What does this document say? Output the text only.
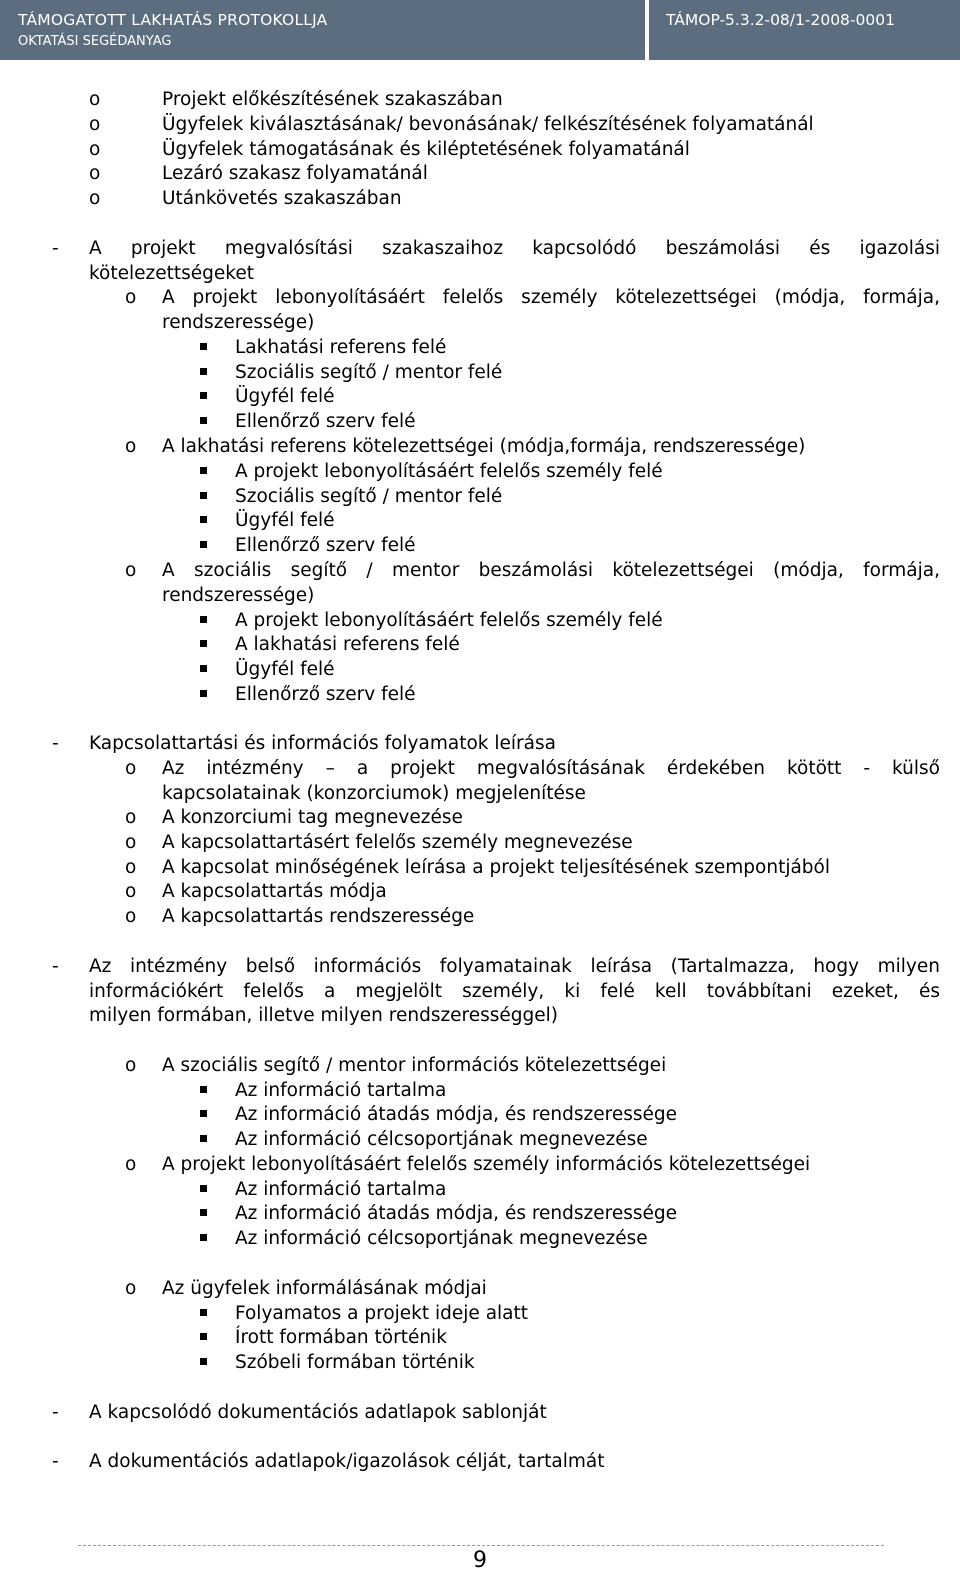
TÁMOGATOTT LAKHATÁS PROTOKOLLJA
OKTATÁSI SEGÉDANYAG
TÁMOP-5.3.2-08/1-2008-0001
o	Projekt előkészítésének szakaszában
o	Ügyfelek kiválasztásának/ bevonásának/ felkészítésének folyamatánál
o	Ügyfelek támogatásának és kiléptetésének folyamatánál
o	Lezáró szakasz folyamatánál
o	Utánkövetés szakaszában
- A projekt megvalósítási szakaszaihoz kapcsolódó beszámolási és igazolási
kötelezettségeket
o A projekt lebonyolításáért felelős személy kötelezettségei (módja, formája,
rendszeressége)
Lakhatási referens felé
Szociális segítő / mentor felé
Ügyfél felé
Ellenőrző szerv felé
o A lakhatási referens kötelezettségei (módja,formája, rendszeressége)
A projekt lebonyolításáért felelős személy felé
Szociális segítő / mentor felé
Ügyfél felé
Ellenőrző szerv felé
o A szociális segítő / mentor beszámolási kötelezettségei (módja, formája,
rendszeressége)
A projekt lebonyolításáért felelős személy felé
A lakhatási referens felé
Ügyfél felé
Ellenőrző szerv felé
- Kapcsolattartási és információs folyamatok leírása
o Az intézmény – a projekt megvalósításának érdekében kötött - külső
kapcsolatainak (konzorciumok) megjelenítése
o A konzorciumi tag megnevezése
o A kapcsolattartásért felelős személy megnevezése
o A kapcsolat minőségének leírása a projekt teljesítésének szempontjából
o A kapcsolattartás módja
o A kapcsolattartás rendszeressége
- Az intézmény belső információs folyamatainak leírása (Tartalmazza, hogy milyen
információkért felelős a megjelölt személy, ki felé kell továbbítani ezeket, és
milyen formában, illetve milyen rendszerességgel)
o A szociális segítő / mentor információs kötelezettségei
Az információ tartalma
Az információ átadás módja, és rendszeressége
Az információ célcsoportjának megnevezése
o A projekt lebonyolításáért felelős személy információs kötelezettségei
Az információ tartalma
Az információ átadás módja, és rendszeressége
Az információ célcsoportjának megnevezése
o Az ügyfelek informálásának módjai
Folyamatos a projekt ideje alatt
Írott formában történik
Szóbeli formában történik
- A kapcsolódó dokumentációs adatlapok sablonját
- A dokumentációs adatlapok/igazolások célját, tartalmát
9
